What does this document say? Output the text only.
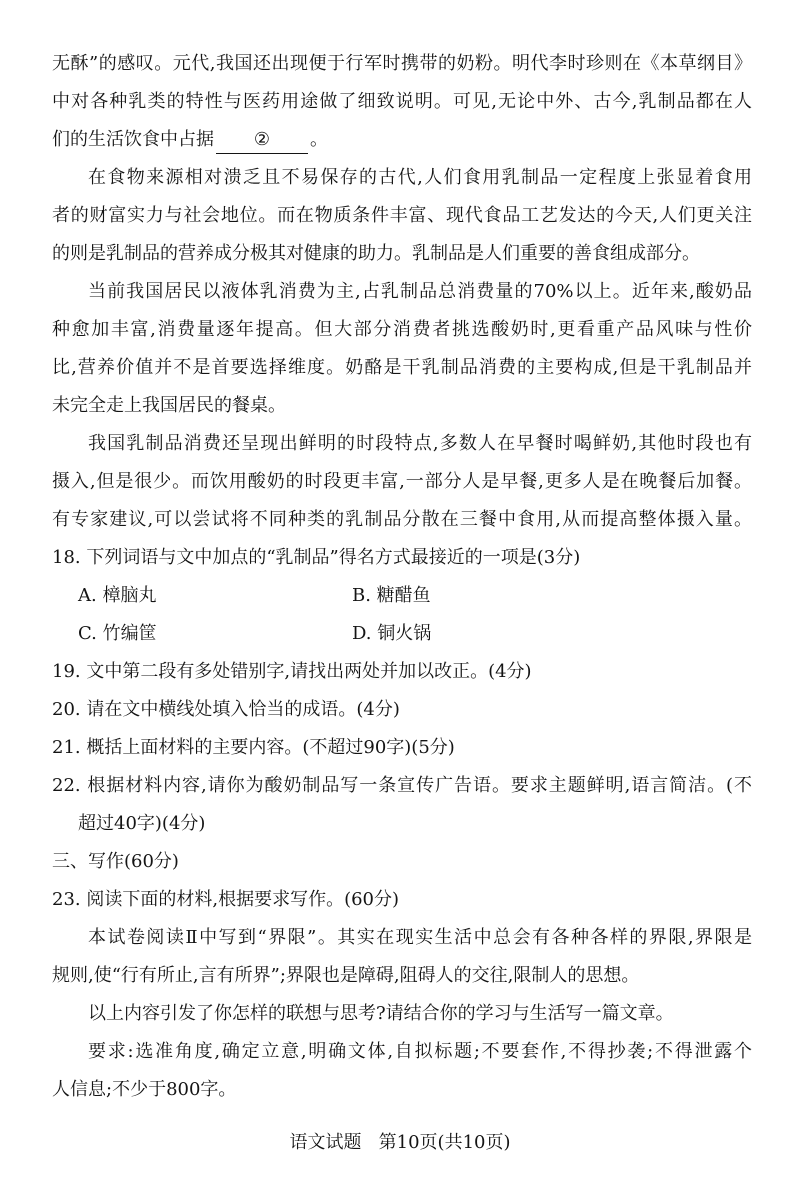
无酥”的感叹。元代,我国还出现便于行军时携带的奶粉。明代李时珍则在《本草纲目》
中对各种乳类的特性与医药用途做了细致说明。可见,无论中外、古今,乳制品都在人
们的生活饮食中占据 ② 。
在食物来源相对溃乏且不易保存的古代,人们食用乳制品一定程度上张显着食用
者的财富实力与社会地位。而在物质条件丰富、现代食品工艺发达的今天,人们更关注
的则是乳制品的营养成分极其对健康的助力。乳制品是人们重要的善食组成部分。
当前我国居民以液体乳消费为主,占乳制品总消费量的70%以上。近年来,酸奶品
种愈加丰富,消费量逐年提高。但大部分消费者挑选酸奶时,更看重产品风味与性价
比,营养价值并不是首要选择维度。奶酪是干乳制品消费的主要构成,但是干乳制品并
未完全走上我国居民的餐桌。
我国乳制品消费还呈现出鲜明的时段特点,多数人在早餐时喝鲜奶,其他时段也有
摄入,但是很少。而饮用酸奶的时段更丰富,一部分人是早餐,更多人是在晚餐后加餐。
有专家建议,可以尝试将不同种类的乳制品分散在三餐中食用,从而提高整体摄入量。
18. 下列词语与文中加点的“乳制品”得名方式最接近的一项是(3分)
A. 樟脑丸	B. 糖醋鱼
C. 竹编筐	D. 铜火锅
19. 文中第二段有多处错别字,请找出两处并加以改正。(4分)
20. 请在文中横线处填入恰当的成语。(4分)
21. 概括上面材料的主要内容。(不超过90字)(5分)
22. 根据材料内容,请你为酸奶制品写一条宣传广告语。要求主题鲜明,语言简洁。(不
超过40字)(4分)
三、写作(60分)
23. 阅读下面的材料,根据要求写作。(60分)
本试卷阅读Ⅱ中写到“界限”。其实在现实生活中总会有各种各样的界限,界限是
规则,使“行有所止,言有所界”;界限也是障碍,阻碍人的交往,限制人的思想。
以上内容引发了你怎样的联想与思考?请结合你的学习与生活写一篇文章。
要求:选准角度,确定立意,明确文体,自拟标题;不要套作,不得抄袭;不得泄露个
人信息;不少于800字。
语文试题   第10页(共10页)
